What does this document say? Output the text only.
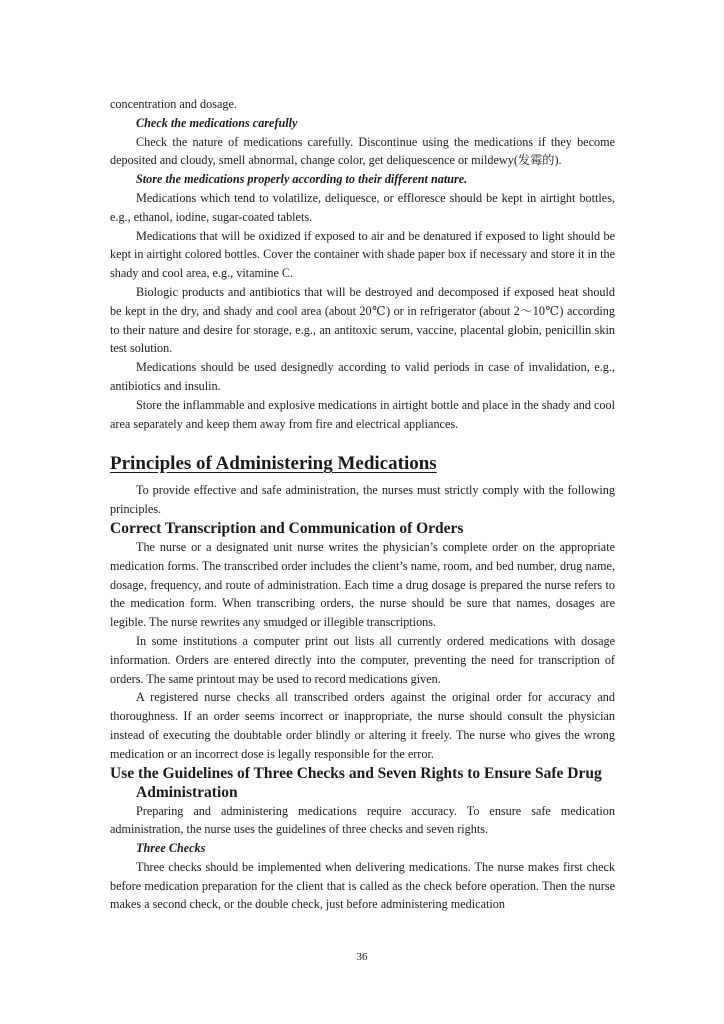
concentration and dosage.

Check the medications carefully

Check the nature of medications carefully. Discontinue using the medications if they become deposited and cloudy, smell abnormal, change color, get deliquescence or mildewy(发霉的).

Store the medications properly according to their different nature.

Medications which tend to volatilize, deliquesce, or effloresce should be kept in airtight bottles, e.g., ethanol, iodine, sugar-coated tablets.

Medications that will be oxidized if exposed to air and be denatured if exposed to light should be kept in airtight colored bottles. Cover the container with shade paper box if necessary and store it in the shady and cool area, e.g., vitamine C.

Biologic products and antibiotics that will be destroyed and decomposed if exposed heat should be kept in the dry, and shady and cool area (about 20℃) or in refrigerator (about 2～10℃) according to their nature and desire for storage, e.g., an antitoxic serum, vaccine, placental globin, penicillin skin test solution.

Medications should be used designedly according to valid periods in case of invalidation, e.g., antibiotics and insulin.

Store the inflammable and explosive medications in airtight bottle and place in the shady and cool area separately and keep them away from fire and electrical appliances.

Principles of Administering Medications

To provide effective and safe administration, the nurses must strictly comply with the following principles.

Correct Transcription and Communication of Orders

The nurse or a designated unit nurse writes the physician’s complete order on the appropriate medication forms. The transcribed order includes the client’s name, room, and bed number, drug name, dosage, frequency, and route of administration. Each time a drug dosage is prepared the nurse refers to the medication form. When transcribing orders, the nurse should be sure that names, dosages are legible. The nurse rewrites any smudged or illegible transcriptions.

In some institutions a computer print out lists all currently ordered medications with dosage information. Orders are entered directly into the computer, preventing the need for transcription of orders. The same printout may be used to record medications given.

A registered nurse checks all transcribed orders against the original order for accuracy and thoroughness. If an order seems incorrect or inappropriate, the nurse should consult the physician instead of executing the doubtable order blindly or altering it freely. The nurse who gives the wrong medication or an incorrect dose is legally responsible for the error.

Use the Guidelines of Three Checks and Seven Rights to Ensure Safe Drug Administration

Preparing and administering medications require accuracy. To ensure safe medication administration, the nurse uses the guidelines of three checks and seven rights.

Three Checks

Three checks should be implemented when delivering medications. The nurse makes first check before medication preparation for the client that is called as the check before operation. Then the nurse makes a second check, or the double check, just before administering medication

36
